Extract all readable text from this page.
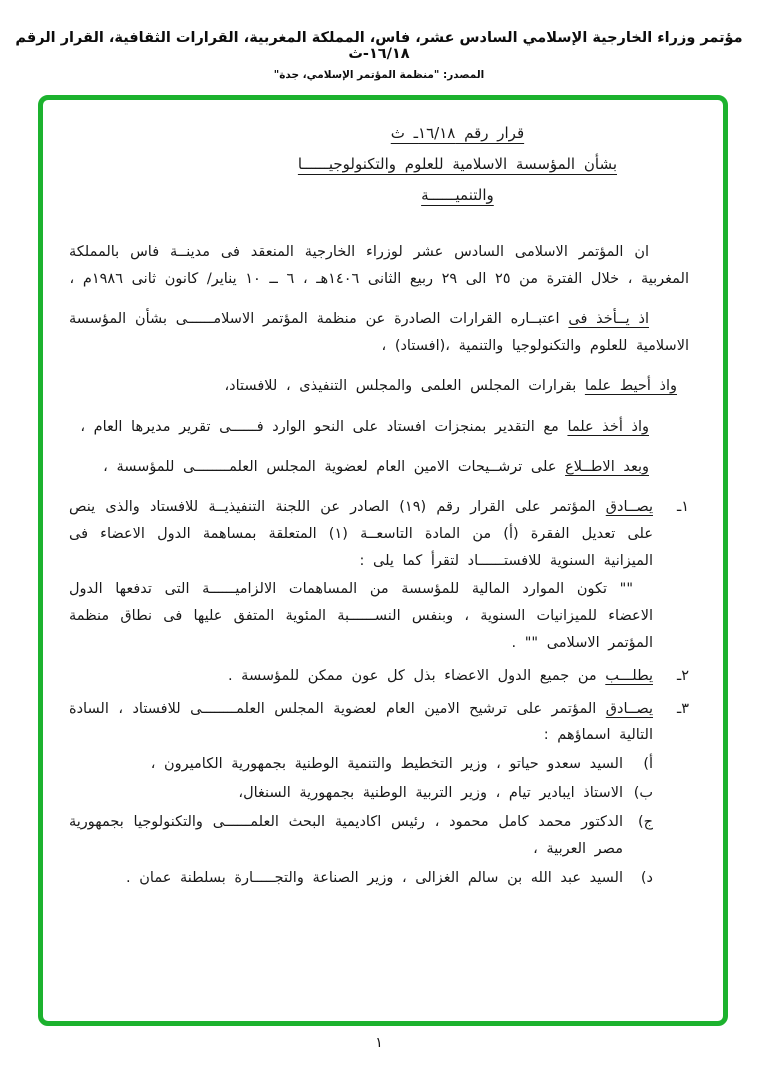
مؤتمر وزراء الخارجية الإسلامي السادس عشر، فاس، المملكة المغربية، القرارات الثقافية، القرار الرقم ١٦/١٨-ث
المصدر: "منظمة المؤتمر الإسلامي، جدة"
قرار رقم ١٦/١٨ـ ث
بشأن المؤسسة الاسلامية للعلوم والتكنولوجيــــــا
والتنميــــــة

ان المؤتمر الاسلامى السادس عشر لوزراء الخارجية المنعقد فى مدينــة فاس بالمملكة المغربية ، خلال الفترة من ٢٥ الى ٢٩ ربيع الثانى ١٤٠٦هـ ، ٦ ــ ١٠ يناير/ كانون ثانى ١٩٨٦م ،

اذ يــأخذ فى اعتبــاره القرارات الصادرة عن منظمة المؤتمر الاسلامــــــى بشأن المؤسسة الاسلامية للعلوم والتكنولوجيا والتنمية ،(افستاد) ،

واذ أحيط علما بقرارات المجلس العلمى والمجلس التنفيذى ، للافستاد،

واذ أخذ علما مع التقدير بمنجزات افستاد على النحو الوارد فــــــى تقرير مديرها العام ،

وبعد الاطــلاع على ترشــيحات الامين العام لعضوية المجلس العلمــــــــى للمؤسسة ،

١ـ
يصــادق المؤتمر على القرار رقم (١٩) الصادر عن اللجنة التنفيذيــة للافستاد والذى ينص على تعديل الفقرة (أ) من المادة التاسعــة (١) المتعلقة بمساهمة الدول الاعضاء فى الميزانية السنوية للافستــــــاد لتقرأ كما يلى :
"" تكون الموارد المالية للمؤسسة من المساهمات الالزاميــــــة التى تدفعها الدول الاعضاء للميزانيات السنوية ، وبنفس النســــــبة المئوية المتفق عليها فى نطاق منظمة المؤتمر الاسلامى "" .
٢ـ
يطلـــب من جميع الدول الاعضاء بذل كل عون ممكن للمؤسسة .
٣ـ
يصــادق المؤتمر على ترشيح الامين العام لعضوية المجلس العلمــــــــى للافستاد ، السادة التالية اسماؤهم :
أ)
السيد سعدو حياتو ، وزير التخطيط والتنمية الوطنية بجمهورية الكاميرون ،
ب)
الاستاذ ايبادير تيام ، وزير التربية الوطنية بجمهورية السنغال،
ج)
الدكتور محمد كامل محمود ، رئيس اكاديمية البحث العلمــــــى والتكنولوجيا بجمهورية مصر العربية ،
د)
السيد عبد الله بن سالم الغزالى ، وزير الصناعة والتجـــــارة بسلطنة عمان .
١
